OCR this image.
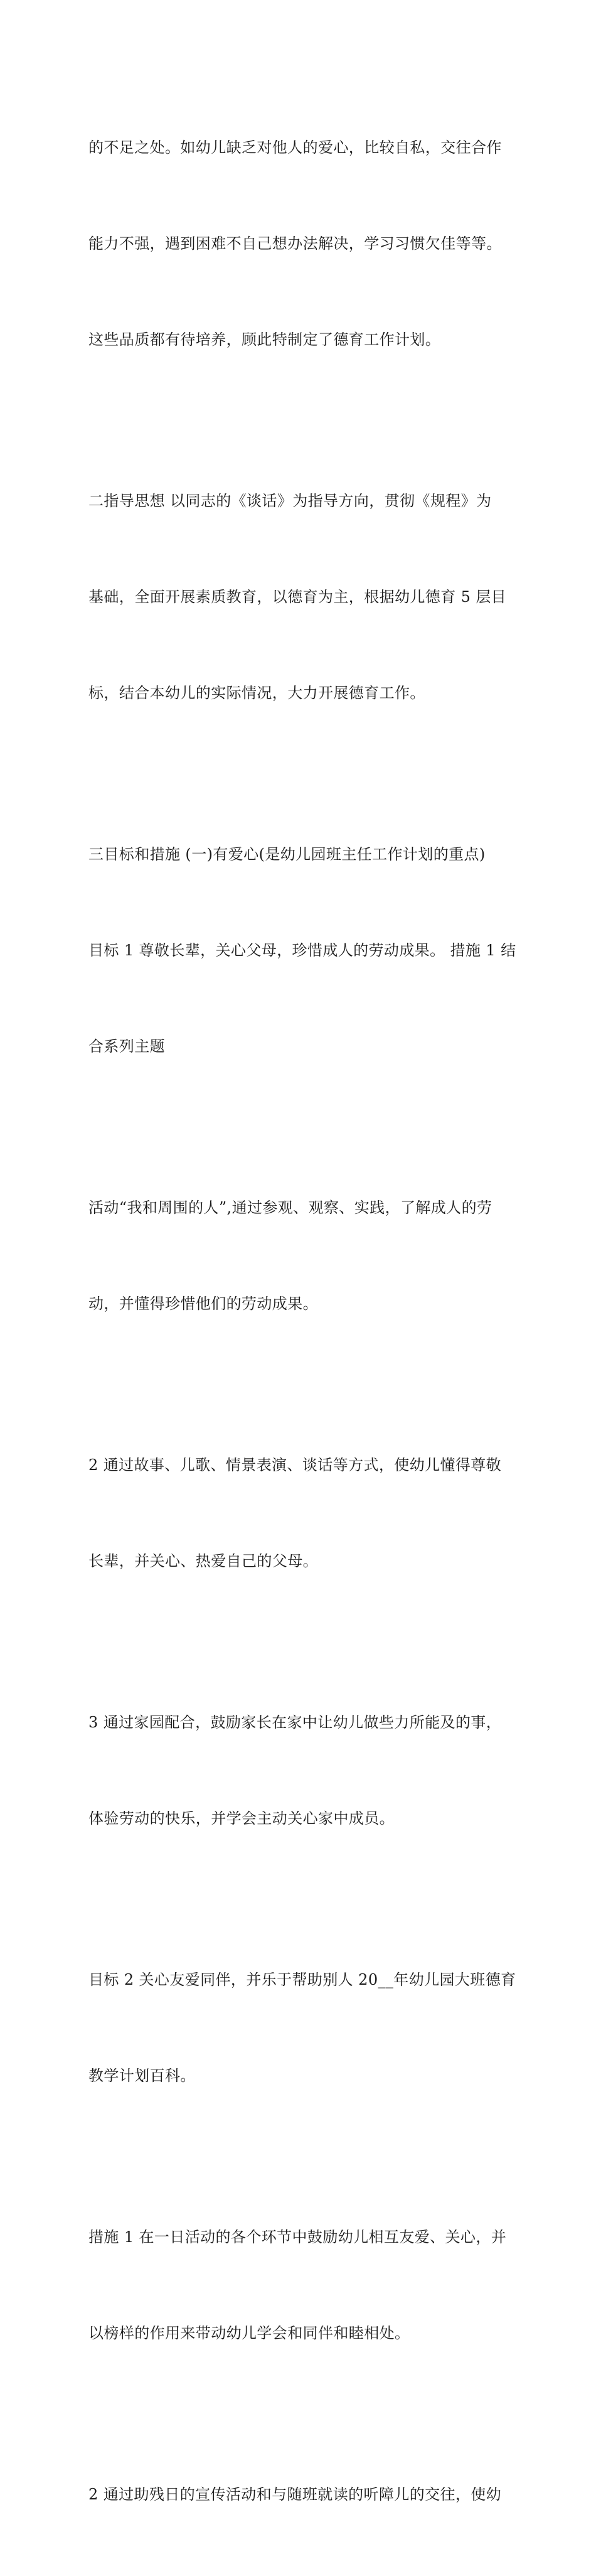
的不足之处。如幼儿缺乏对他人的爱心，比较自私，交往合作

能力不强，遇到困难不自己想办法解决，学习习惯欠佳等等。

这些品质都有待培养，顾此特制定了德育工作计划。

二指导思想 以同志的《谈话》为指导方向，贯彻《规程》为

基础，全面开展素质教育，以德育为主，根据幼儿德育 5 层目

标，结合本幼儿的实际情况，大力开展德育工作。

三目标和措施 (一)有爱心(是幼儿园班主任工作计划的重点)

目标 1 尊敬长辈，关心父母，珍惜成人的劳动成果。 措施 1 结

合系列主题

活动“我和周围的人”,通过参观、观察、实践，了解成人的劳

动，并懂得珍惜他们的劳动成果。

2 通过故事、儿歌、情景表演、谈话等方式，使幼儿懂得尊敬

长辈，并关心、热爱自己的父母。

3 通过家园配合，鼓励家长在家中让幼儿做些力所能及的事，

体验劳动的快乐，并学会主动关心家中成员。

目标 2 关心友爱同伴，并乐于帮助别人 20__年幼儿园大班德育

教学计划百科。

措施 1 在一日活动的各个环节中鼓励幼儿相互友爱、关心，并

以榜样的作用来带动幼儿学会和同伴和睦相处。

2 通过助残日的宣传活动和与随班就读的听障儿的交往，使幼
